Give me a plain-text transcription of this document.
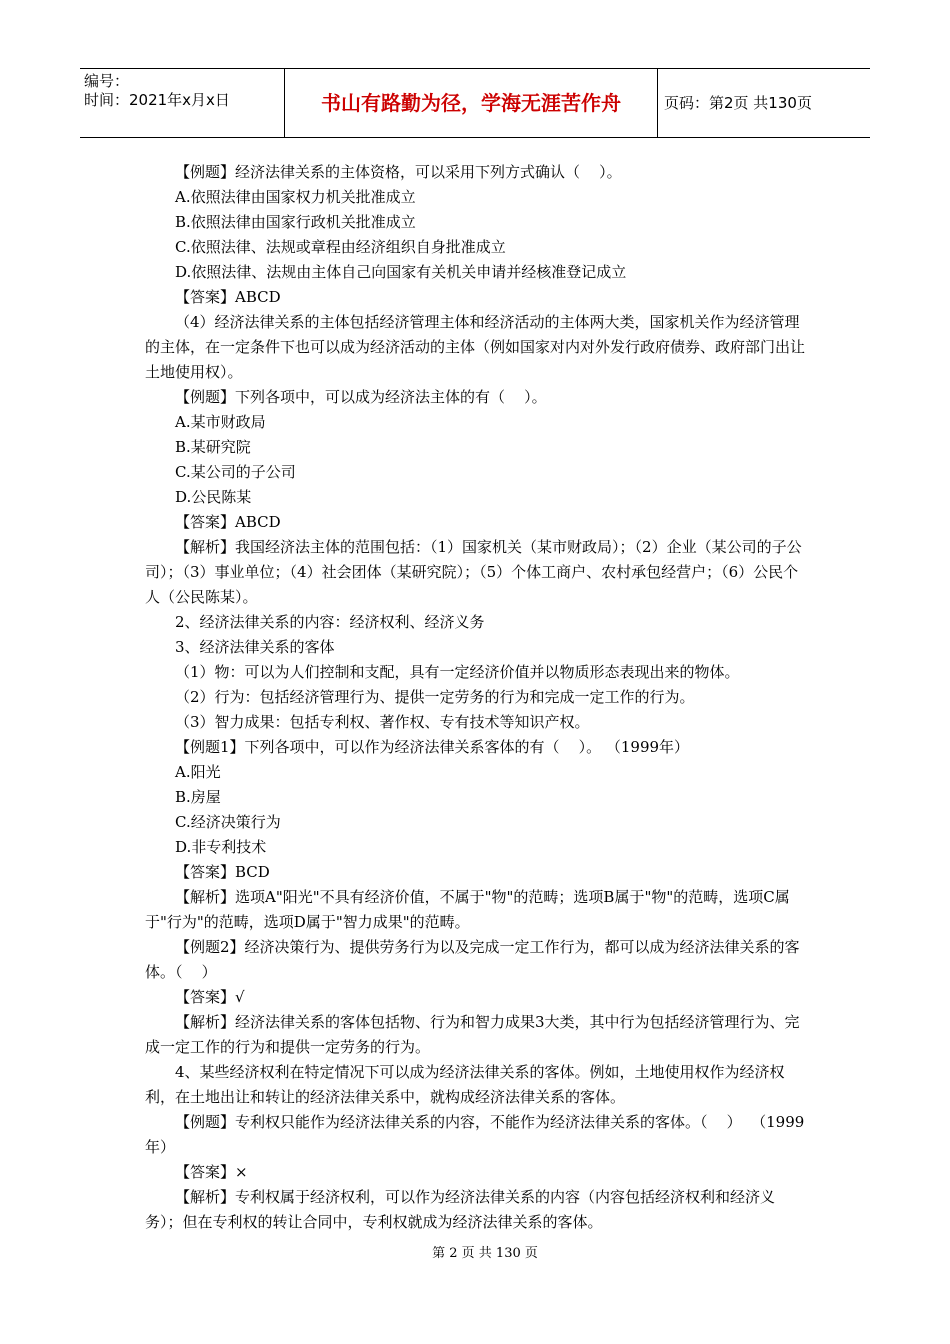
编号：
时间：2021年x月x日	书山有路勤为径，学海无涯苦作舟	页码：第2页 共130页

【例题】经济法律关系的主体资格，可以采用下列方式确认（    ）。

A.依照法律由国家权力机关批准成立

B.依照法律由国家行政机关批准成立

C.依照法律、法规或章程由经济组织自身批准成立

D.依照法律、法规由主体自己向国家有关机关申请并经核准登记成立

【答案】ABCD

（4）经济法律关系的主体包括经济管理主体和经济活动的主体两大类，国家机关作为经济管理的主体，在一定条件下也可以成为经济活动的主体（例如国家对内对外发行政府债券、政府部门出让土地使用权）。

【例题】下列各项中，可以成为经济法主体的有（    ）。

A.某市财政局

B.某研究院

C.某公司的子公司

D.公民陈某

【答案】ABCD

【解析】我国经济法主体的范围包括：（1）国家机关（某市财政局）；（2）企业（某公司的子公司）；（3）事业单位；（4）社会团体（某研究院）；（5）个体工商户、农村承包经营户；（6）公民个人（公民陈某）。

2、经济法律关系的内容：经济权利、经济义务

3、经济法律关系的客体

（1）物：可以为人们控制和支配，具有一定经济价值并以物质形态表现出来的物体。

（2）行为：包括经济管理行为、提供一定劳务的行为和完成一定工作的行为。

（3）智力成果：包括专利权、著作权、专有技术等知识产权。

【例题1】下列各项中，可以作为经济法律关系客体的有（    ）。 （1999年）

A.阳光

B.房屋

C.经济决策行为

D.非专利技术

【答案】BCD

【解析】选项A"阳光"不具有经济价值，不属于"物"的范畴；选项B属于"物"的范畴，选项C属于"行为"的范畴，选项D属于"智力成果"的范畴。

【例题2】经济决策行为、提供劳务行为以及完成一定工作行为，都可以成为经济法律关系的客体。（    ）

【答案】√

【解析】经济法律关系的客体包括物、行为和智力成果3大类，其中行为包括经济管理行为、完成一定工作的行为和提供一定劳务的行为。

4、某些经济权利在特定情况下可以成为经济法律关系的客体。例如，土地使用权作为经济权利，在土地出让和转让的经济法律关系中，就构成经济法律关系的客体。

【例题】专利权只能作为经济法律关系的内容，不能作为经济法律关系的客体。（    ）  （1999年）

【答案】×

【解析】专利权属于经济权利，可以作为经济法律关系的内容（内容包括经济权利和经济义务）；但在专利权的转让合同中，专利权就成为经济法律关系的客体。

第 2 页 共 130 页
